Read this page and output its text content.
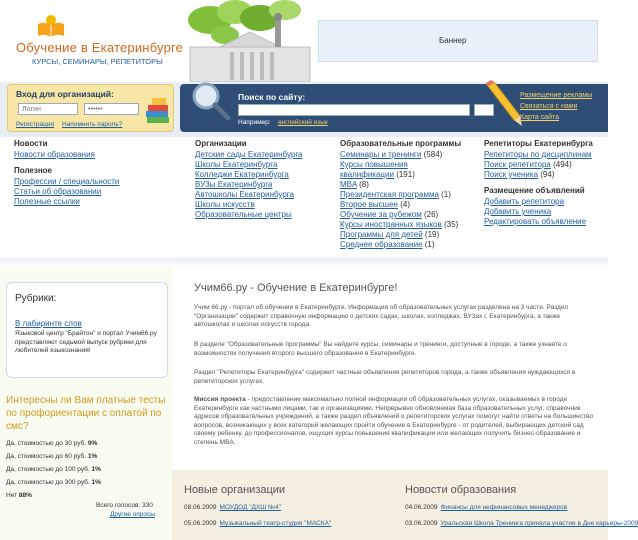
Обучение в Екатеринбурге
КУРСЫ, СЕМИНАРЫ, РЕПЕТИТОРЫ
Баннер
Вход для организаций:
Логин
••••••
Регистрация Напомнить пароль?
Поиск по сайту:
Например: английский язык
Размещение рекламы
Связаться с нами
Карта сайта
Новости
Новости образования
Полезное
Профессии / специальности
Статьи об образовании
Полезные ссылки
Организации
Детские сады Екатеринбурга
Школы Екатеринбурга
Колледжи Екатеринбурга
ВУЗы Екатеринбурга
Автошколы Екатеринбурга
Школы искусств
Образовательные центры
Образовательные программы
Семинары и тренинги (584)
Курсы повышения
квалификации (191)
MBA (8)
Президентская программа (1)
Второе высшее (4)
Обучение за рубежом (26)
Курсы иностранных языков (35)
Программы для детей (19)
Среднее образование (1)
Репетиторы Екатеринбурга
Репетиторы по дисциплинам
Поиск репетитора (494)
Поиск ученика (94)
Размещение объявлений
Добавить репетитора
Добавить ученика
Редактировать объявление
Рубрики:
В лабиринте слов
Языковой центр "Брайтон" и портал Учим66.ру представляют седьмой выпуск рубрики для любителей языкознания!
Интересны ли Вам платные тесты по профориентации с оплатой по смс?
Да, стоимостью до 30 руб. 9%
Да, стоимостью до 60 руб. 1%
Да, стоимостью до 100 руб. 1%
Да, стоимостью до 300 руб. 1%
Нет 88%
Всего голосов: 330
Другие опросы
Учим66.ру - Обучение в Екатеринбурге!
Учим 66.ру - портал об обучении в Екатеринбурге. Информация об образовательных услугах разделена на 3 части. Раздел "Организации" содержит справочную информацию о детских садах, школах, колледжах, ВУЗах г. Екатеринбурга, а также автошколах и школах искусств города.
В разделе "Образовательные программы" Вы найдете курсы, семинары и тренинги, доступные в городе, а также узнаете о возможностях получения второго высшего образования в Екатеринбурге.
Раздел "Репетиторы Екатеринбурга" содержит частные объявления репетиторов города, а также объявления нуждающихся в репетиторских услугах.
Миссия проекта - предоставление максимально полной информации об образовательных услугах, оказываемых в городе Екатеринбурге как частными лицами, так и организациями. Непрерывно обновляемая база образовательных услуг, справочник адресов образовательных учреждений, а также раздел объявлений о репетиторских услугах помогут найти ответы на большинство вопросов, возникающих у всех категорий желающих пройти обучение в Екатеринбурге - от родителей, выбирающих детский сад своему ребенку, до профессионалов, ищущих курсы повышения квалификации или желающих получить бизнес-образование и степень MBA.
Новые организации
08.06.2009 МОУДОД "ДХШ №4"
05.06.2009 Музыкальный театр-студия "МАСКА"
Новости образования
04.06.2009 Финансы для нефинансовых менеджеров
03.06.2009 Уральская Школа Тренинга приняла участие в Дне карьеры-2009
